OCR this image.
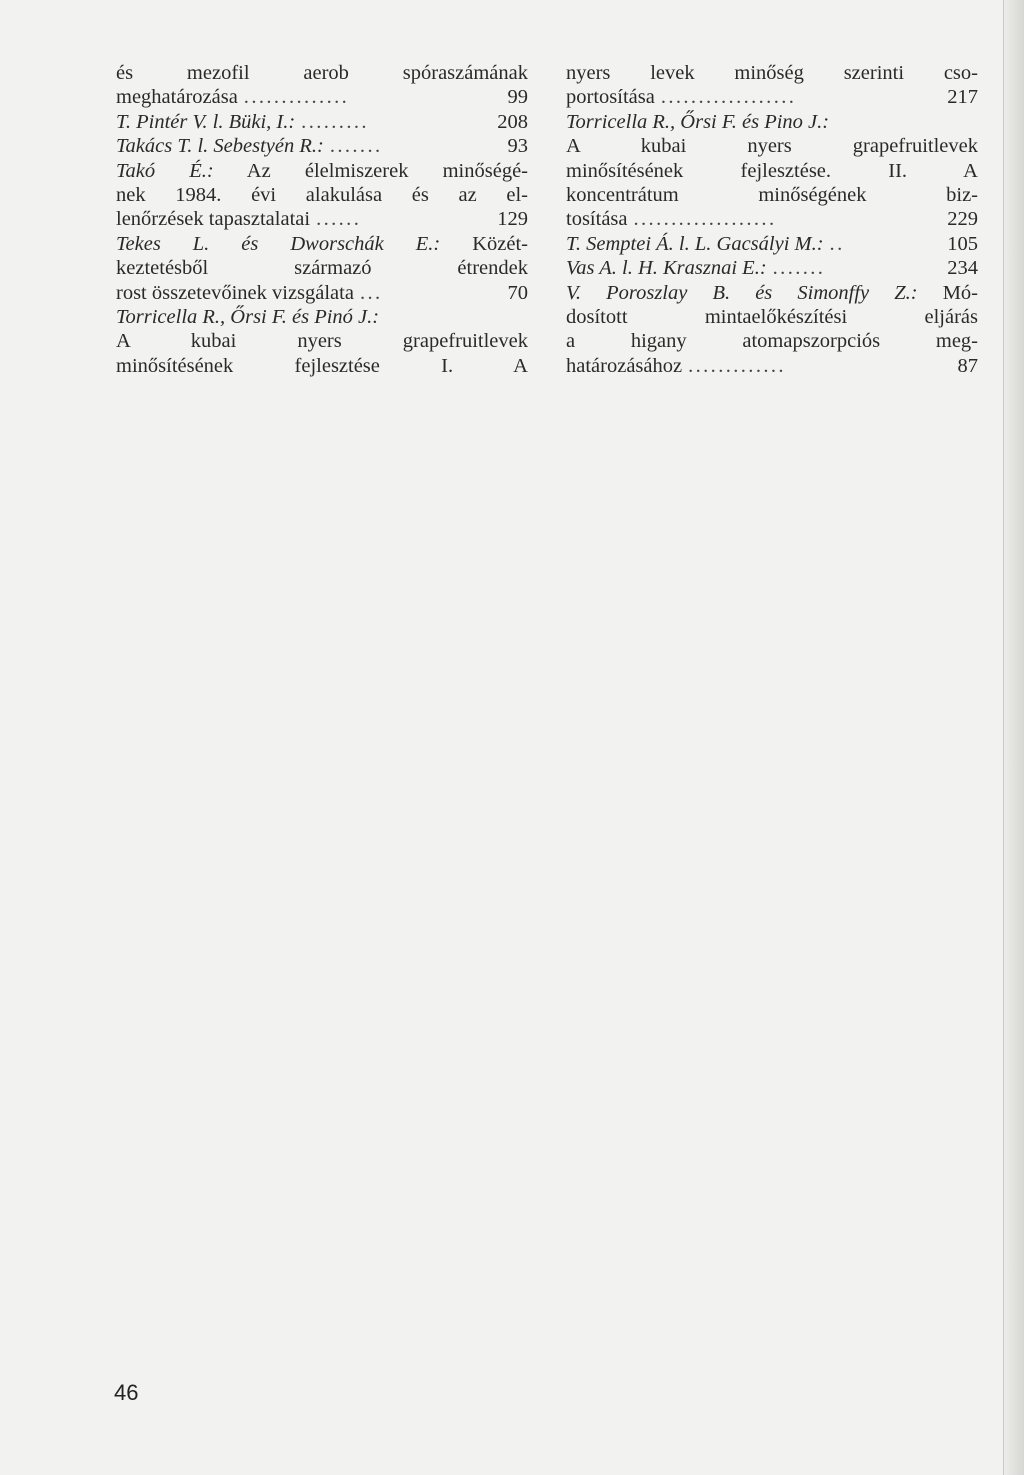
és mezofil aerob spóraszámának
meghatározása ..............	99
T. Pintér V. l. Büki, I.: .........	208
Takács T. l. Sebestyén R.: .......	93
Takó É.: Az élelmiszerek minőségé-
nek 1984. évi alakulása és az el-
lenőrzések tapasztalatai ......	129
Tekes L. és Dworschák E.: Közét-
keztetésből származó étrendek
rost összetevőinek vizsgálata ...	70
Torricella R., Őrsi F. és Pinó J.:
A kubai nyers grapefruitlevek
minősítésének fejlesztése I. A
nyers levek minőség szerinti cso-
portosítása ..................	217
Torricella R., Őrsi F. és Pino J.:
A kubai nyers grapefruitlevek
minősítésének fejlesztése. II. A
koncentrátum minőségének biz-
tosítása ...................	229
T. Semptei Á. l. L. Gacsályi M.: ..	105
Vas A. l. H. Krasznai E.: .......	234
V. Poroszlay B. és Simonffy Z.: Mó-
dosított mintaelőkészítési eljárás
a higany atomapszorpciós meg-
határozásához .............	87
46
